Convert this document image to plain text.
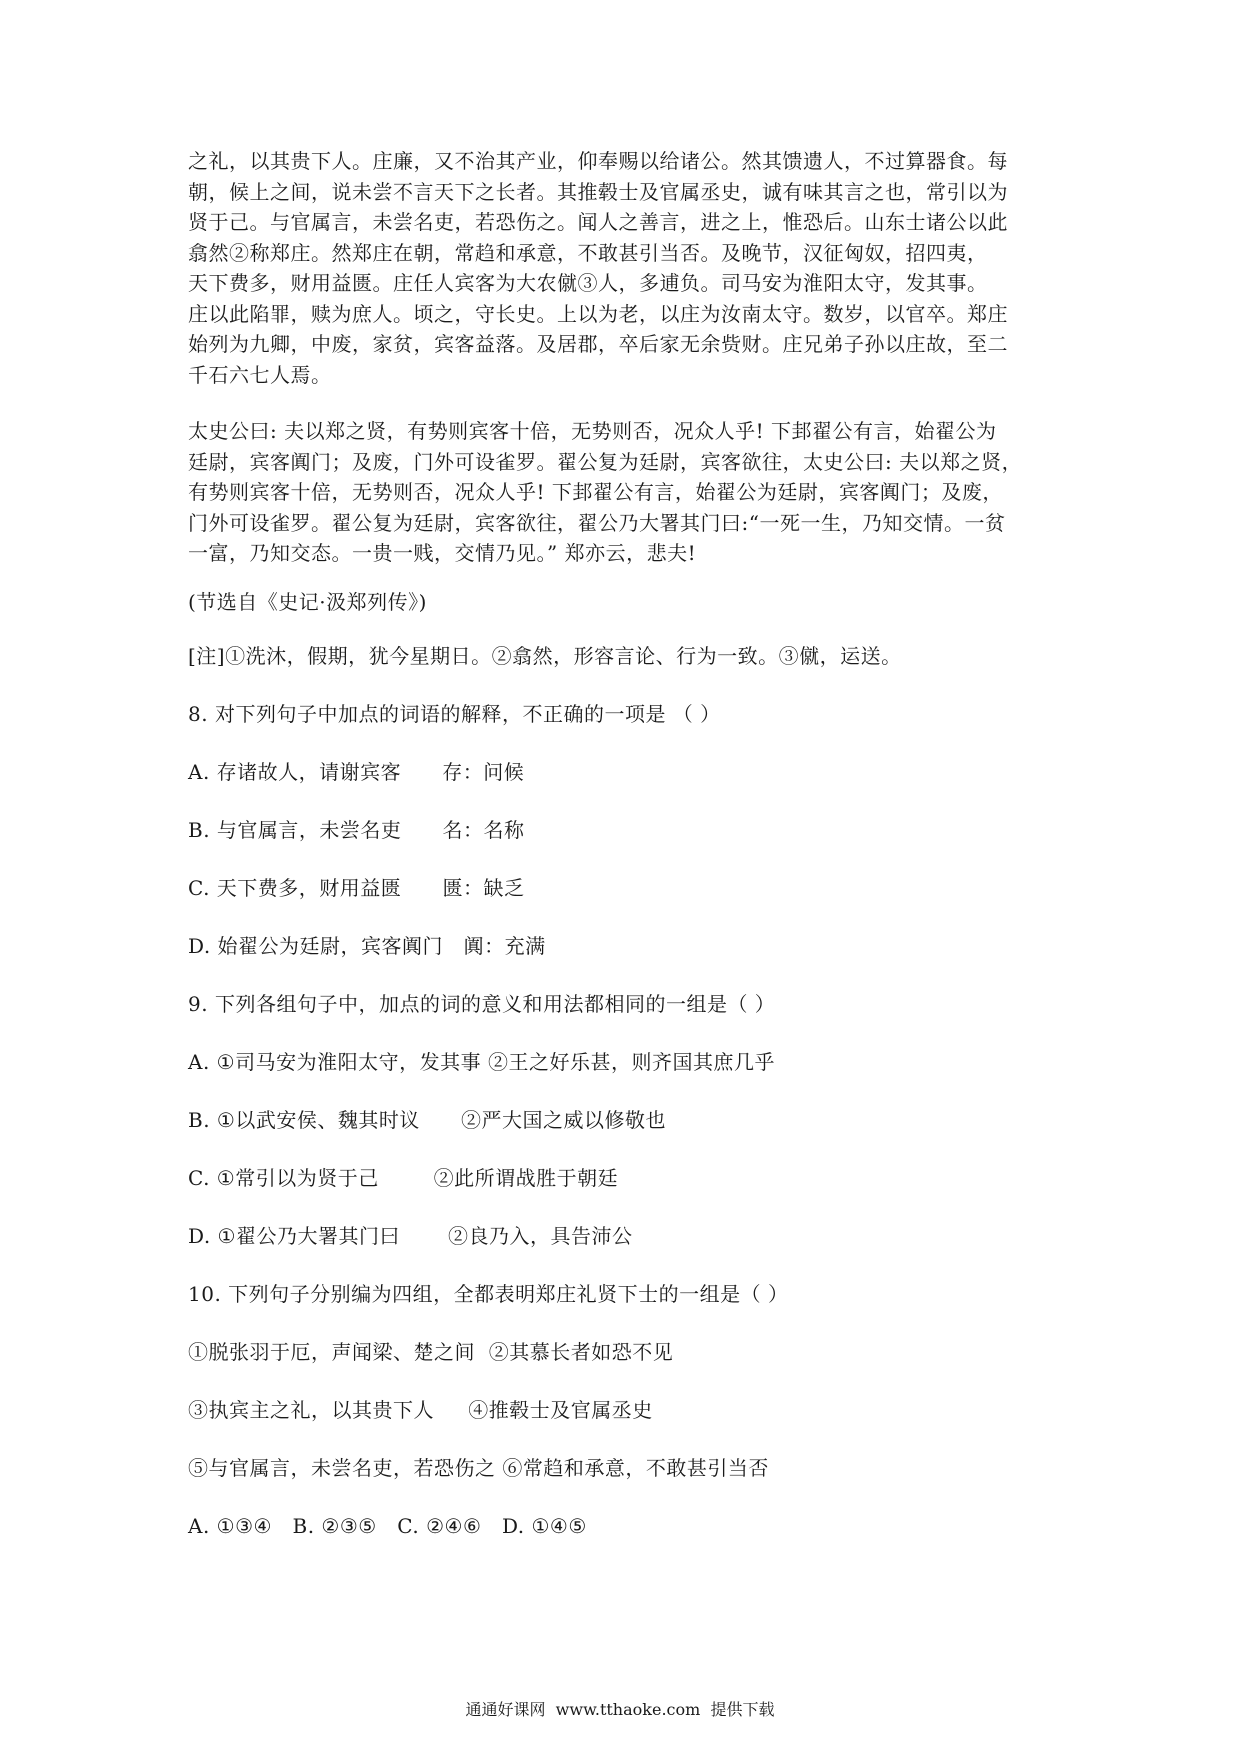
之礼，以其贵下人。庄廉，又不治其产业，仰奉赐以给诸公。然其馈遗人，不过算器食。每
朝，候上之间，说未尝不言天下之长者。其推毂士及官属丞史，诚有味其言之也，常引以为
贤于己。与官属言，未尝名吏，若恐伤之。闻人之善言，进之上，惟恐后。山东士诸公以此
翕然②称郑庄。然郑庄在朝，常趋和承意，不敢甚引当否。及晚节，汉征匈奴，招四夷，
天下费多，财用益匮。庄任人宾客为大农僦③人，多逋负。司马安为淮阳太守，发其事。
庄以此陷罪，赎为庶人。顷之，守长史。上以为老，以庄为汝南太守。数岁，以官卒。郑庄
始列为九卿，中废，家贫，宾客益落。及居郡，卒后家无余赀财。庄兄弟子孙以庄故，至二
千石六七人焉。

太史公曰: 夫以郑之贤，有势则宾客十倍，无势则否，况众人乎! 下邽翟公有言，始翟公为
廷尉，宾客阗门；及废，门外可设雀罗。翟公复为廷尉，宾客欲往，太史公曰: 夫以郑之贤，
有势则宾客十倍，无势则否，况众人乎! 下邽翟公有言，始翟公为廷尉，宾客阗门；及废，
门外可设雀罗。翟公复为廷尉，宾客欲往，翟公乃大署其门曰:“一死一生，乃知交情。一贫
一富，乃知交态。一贵一贱，交情乃见。” 郑亦云，悲夫!

(节选自《史记·汲郑列传》)

[注]①洗沐，假期，犹今星期日。②翕然，形容言论、行为一致。③僦，运送。

8. 对下列句子中加点的词语的解释，不正确的一项是 （ ）

A. 存诸故人，请谢宾客      存：问候

B. 与官属言，未尝名吏      名：名称

C. 天下费多，财用益匮      匮：缺乏

D. 始翟公为廷尉，宾客阗门   阗：充满

9. 下列各组句子中，加点的词的意义和用法都相同的一组是（ ）

A. ①司马安为淮阳太守，发其事 ②王之好乐甚，则齐国其庶几乎

B. ①以武安侯、魏其时议      ②严大国之威以修敬也

C. ①常引以为贤于己        ②此所谓战胜于朝廷

D. ①翟公乃大署其门曰       ②良乃入，具告沛公

10. 下列句子分别编为四组，全都表明郑庄礼贤下士的一组是（ ）

①脱张羽于厄，声闻梁、楚之间  ②其慕长者如恐不见

③执宾主之礼，以其贵下人     ④推毂士及官属丞史

⑤与官属言，未尝名吏，若恐伤之 ⑥常趋和承意，不敢甚引当否

A. ①③④   B. ②③⑤   C. ②④⑥   D. ①④⑤

通通好课网  www.tthaoke.com  提供下载
